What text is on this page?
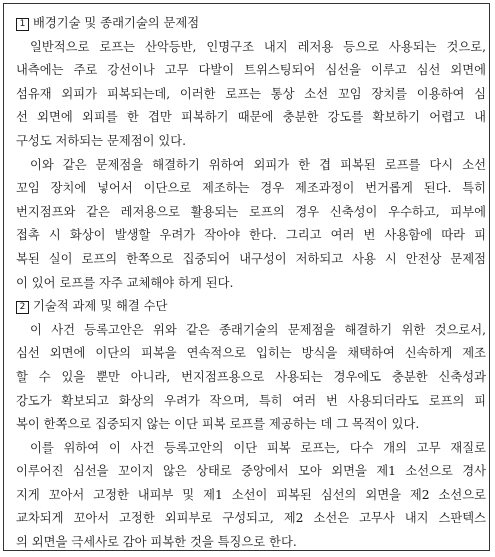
1 배경기술 및 종래기술의 문제점
일반적으로 로프는 산악등반, 인명구조 내지 레저용 등으로 사용되는 것으로,
내측에는 주로 강선이나 고무 다발이 트위스팅되어 심선을 이루고 심선 외면에
섬유재 외피가 피복되는데, 이러한 로프는 통상 소선 꼬임 장치를 이용하여 심
선 외면에 외피를 한 겹만 피복하기 때문에 충분한 강도를 확보하기 어렵고 내
구성도 저하되는 문제점이 있다.
이와 같은 문제점을 해결하기 위하여 외피가 한 겹 피복된 로프를 다시 소선
꼬임 장치에 넣어서 이단으로 제조하는 경우 제조과정이 번거롭게 된다. 특히
번지점프와 같은 레저용으로 활용되는 로프의 경우 신축성이 우수하고, 피부에
접촉 시 화상이 발생할 우려가 작아야 한다. 그리고 여러 번 사용함에 따라 피
복된 실이 로프의 한쪽으로 집중되어 내구성이 저하되고 사용 시 안전상 문제점
이 있어 로프를 자주 교체해야 하게 된다.
2 기술적 과제 및 해결 수단
이 사건 등록고안은 위와 같은 종래기술의 문제점을 해결하기 위한 것으로서,
심선 외면에 이단의 피복을 연속적으로 입히는 방식을 채택하여 신속하게 제조
할 수 있을 뿐만 아니라, 번지점프용으로 사용되는 경우에도 충분한 신축성과
강도가 확보되고 화상의 우려가 작으며, 특히 여러 번 사용되더라도 로프의 피
복이 한쪽으로 집중되지 않는 이단 피복 로프를 제공하는 데 그 목적이 있다.
이를 위하여 이 사건 등록고안의 이단 피복 로프는, 다수 개의 고무 재질로
이루어진 심선을 꼬이지 않은 상태로 중앙에서 모아 외면을 제1 소선으로 경사
지게 꼬아서 고정한 내피부 및 제1 소선이 피복된 심선의 외면을 제2 소선으로
교차되게 꼬아서 고정한 외피부로 구성되고, 제2 소선은 고무사 내지 스판텍스
의 외면을 극세사로 감아 피복한 것을 특징으로 한다.
